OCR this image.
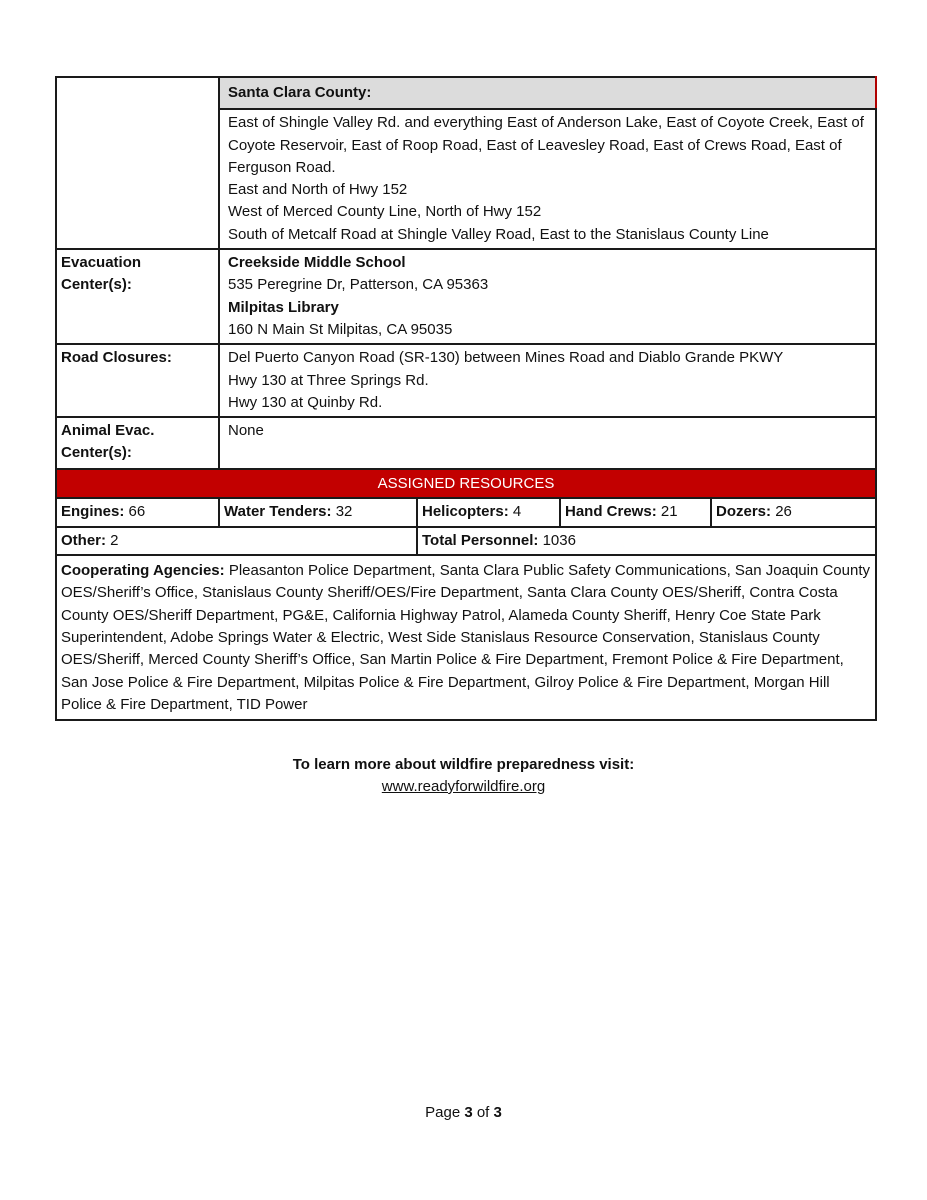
	Santa Clara County:			

	East of Shingle Valley Rd. and everything East of Anderson Lake, East of Coyote Creek, East of Coyote Reservoir, East of Roop Road, East of Leavesley Road, East of Crews Road, East of Ferguson Road.
East and North of Hwy 152
West of Merced County Line, North of Hwy 152
South of Metcalf Road at Shingle Valley Road, East to the Stanislaus County Line			

Evacuation
Center(s):	Creekside Middle School
535 Peregrine Dr, Patterson, CA 95363
Milpitas Library
160 N Main St Milpitas, CA 95035			

Road Closures:	Del Puerto Canyon Road (SR-130) between Mines Road and Diablo Grande PKWY
Hwy 130 at Three Springs Rd.
Hwy 130 at Quinby Rd.			

Animal Evac.
Center(s):	None			
ASSIGNED RESOURCES				
Engines: 66	Water Tenders: 32	Helicopters: 4	Hand Crews: 21	Dozers: 26
Other: 2		Total Personnel: 1036		
Cooperating Agencies: Pleasanton Police Department, Santa Clara Public Safety Communications, San Joaquin County OES/Sheriff’s Office, Stanislaus County Sheriff/OES/Fire Department, Santa Clara County OES/Sheriff, Contra Costa County OES/Sheriff Department, PG&E, California Highway Patrol, Alameda County Sheriff, Henry Coe State Park Superintendent, Adobe Springs Water & Electric, West Side Stanislaus Resource Conservation, Stanislaus County OES/Sheriff, Merced County Sheriff’s Office, San Martin Police & Fire Department, Fremont Police & Fire Department, San Jose Police & Fire Department, Milpitas Police & Fire Department, Gilroy Police & Fire Department, Morgan Hill Police & Fire Department, TID Power				
To learn more about wildfire preparedness visit:
www.readyforwildfire.org
Page 3 of 3
